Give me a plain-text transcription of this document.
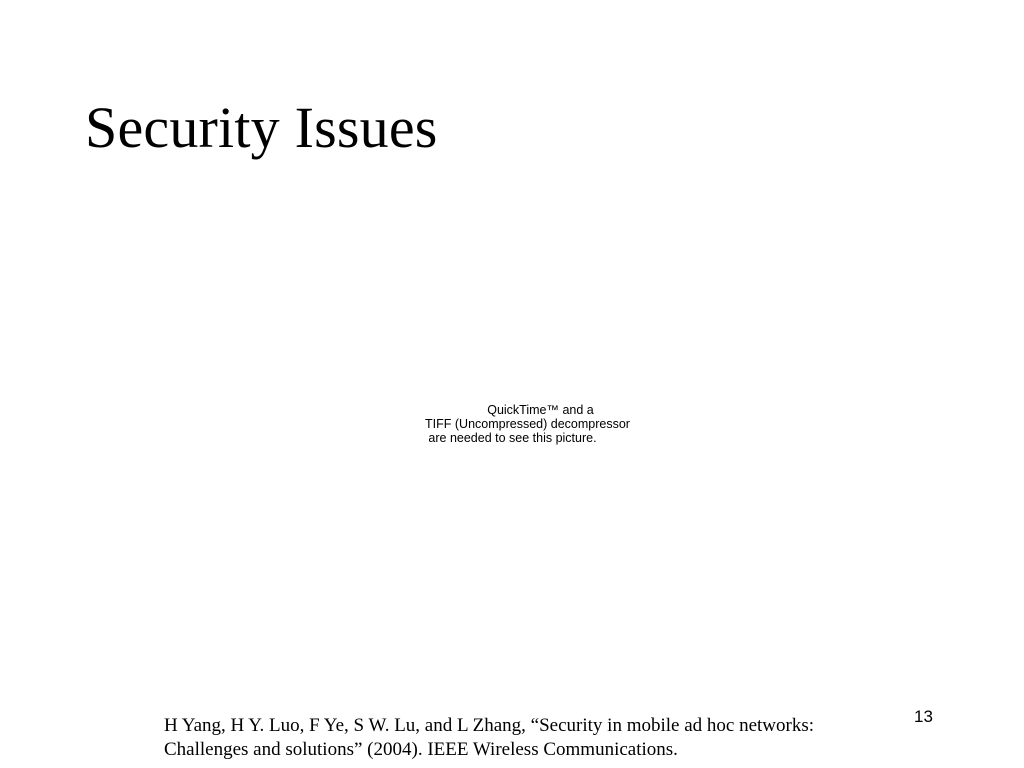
Security Issues
QuickTime™ and a
TIFF (Uncompressed) decompressor
are needed to see this picture.
13
H Yang, H Y. Luo, F Ye, S W. Lu, and L Zhang, “Security in mobile ad hoc networks:
Challenges and solutions” (2004). IEEE Wireless Communications.
